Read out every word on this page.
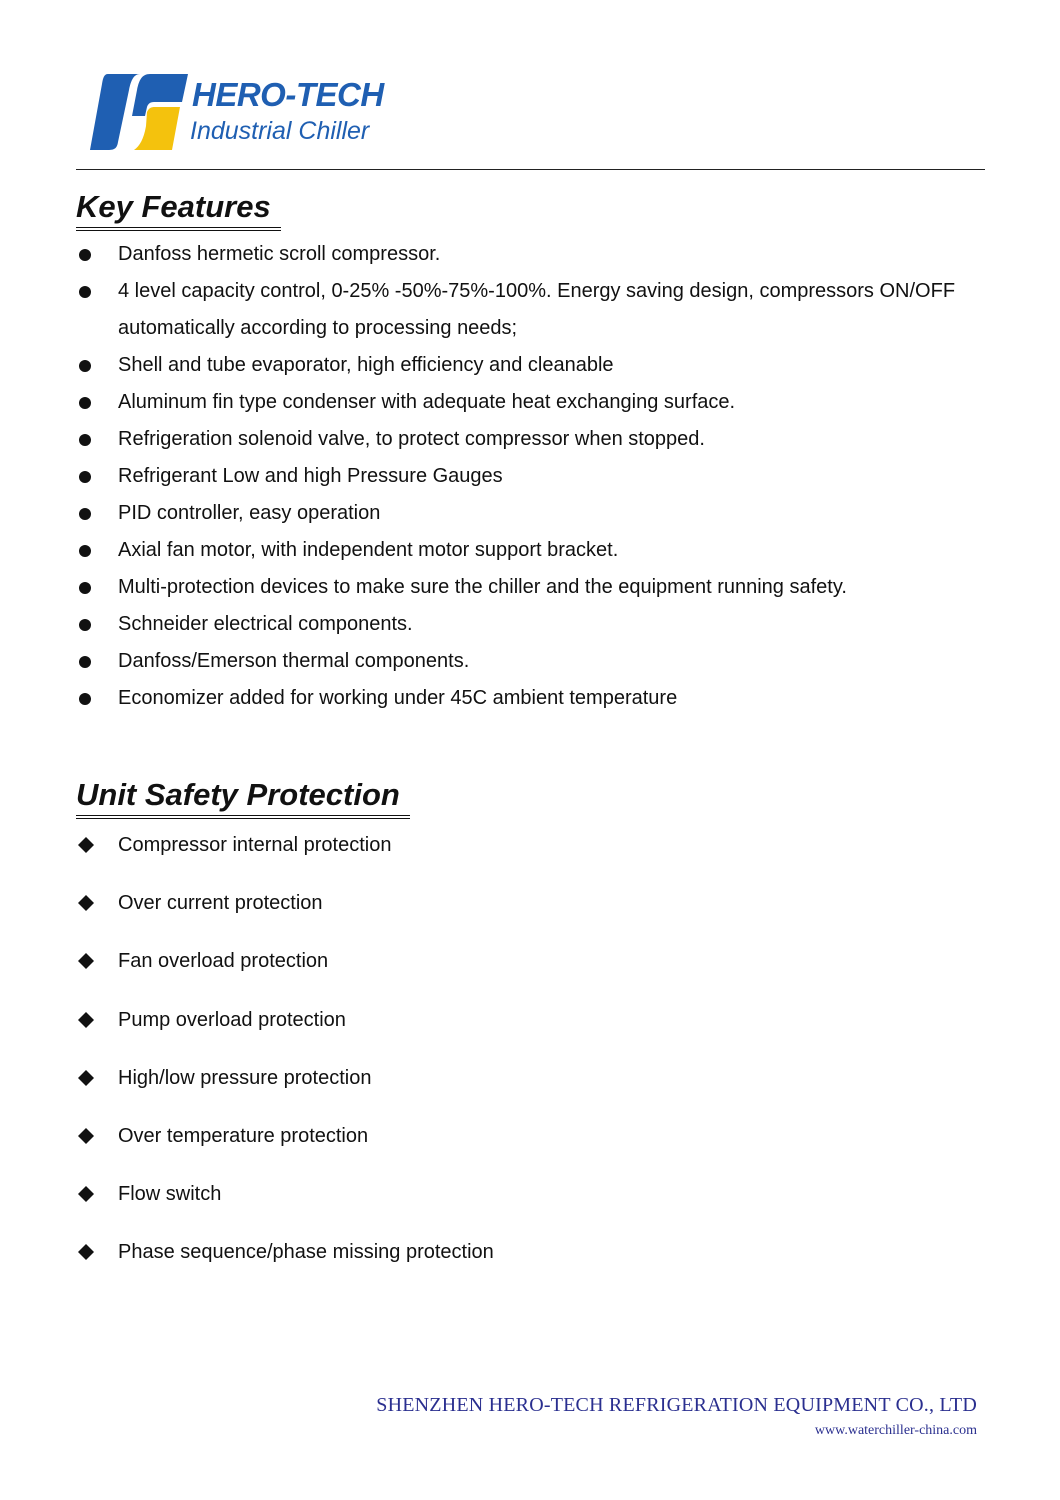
HERO-TECH
Industrial Chiller
Key Features
Danfoss hermetic scroll compressor.
4 level capacity control, 0-25% -50%-75%-100%. Energy saving design, compressors ON/OFF automatically according to processing needs;
Shell and tube evaporator, high efficiency and cleanable
Aluminum fin type condenser with adequate heat exchanging surface.
Refrigeration solenoid valve, to protect compressor when stopped.
Refrigerant Low and high Pressure Gauges
PID controller, easy operation
Axial fan motor, with independent motor support bracket.
Multi-protection devices to make sure the chiller and the equipment running safety.
Schneider electrical components.
Danfoss/Emerson thermal components.
Economizer added for working under 45C ambient temperature
Unit Safety Protection
Compressor internal protection
Over current protection
Fan overload protection
Pump overload protection
High/low pressure protection
Over temperature protection
Flow switch
Phase sequence/phase missing protection
SHENZHEN HERO-TECH REFRIGERATION EQUIPMENT CO., LTD
www.waterchiller-china.com
